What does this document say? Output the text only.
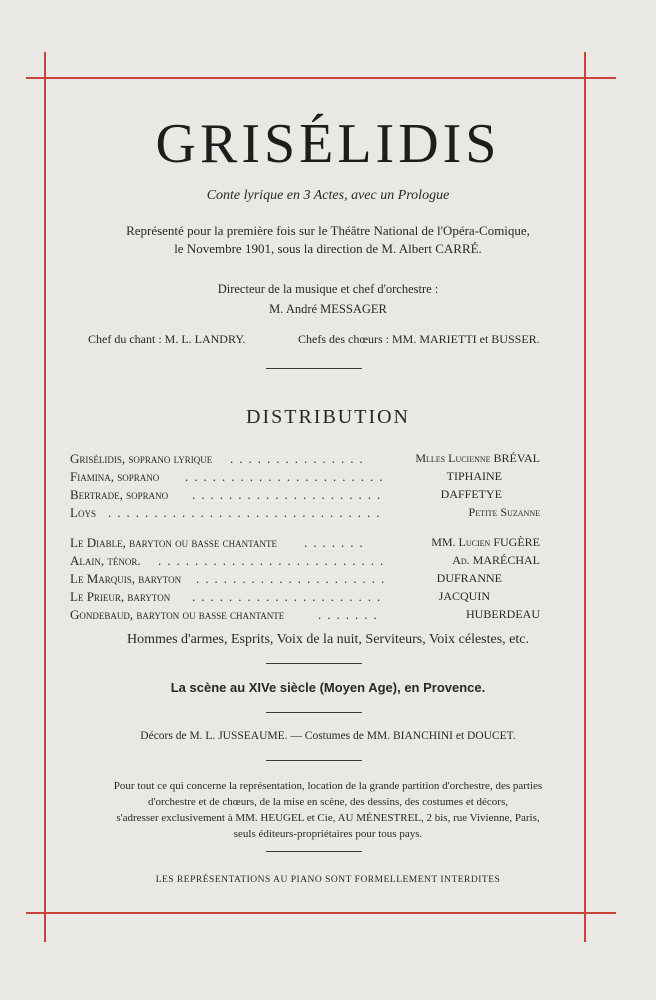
GRISÉLIDIS
Conte lyrique en 3 Actes, avec un Prologue
Représenté pour la première fois sur le Théâtre National de l'Opéra-Comique,
le Novembre 1901, sous la direction de M. Albert CARRÉ.
Directeur de la musique et chef d'orchestre :
M. André MESSAGER
Chef du chant : M. L. LANDRY.	Chefs des chœurs : MM. MARIETTI et BUSSER.
DISTRIBUTION
Grisélidis, soprano lyrique ...............	Mlles Lucienne BRÉVAL
Fiamina, soprano ......................	TIPHAINE
Bertrade, soprano .....................	DAFFETYE
Loys ..............................	Petite Suzanne
Le Diable, baryton ou basse chantante .......	MM. Lucien FUGÈRE
Alain, ténor. .........................	Ad. MARÉCHAL
Le Marquis, baryton .....................	DUFRANNE
Le Prieur, baryton .....................	JACQUIN
Gondebaud, baryton ou basse chantante	.......	HUBERDEAU
Hommes d'armes, Esprits, Voix de la nuit, Serviteurs, Voix célestes, etc.
La scène au XIVe siècle (Moyen Age), en Provence.
Décors de M. L. JUSSEAUME. — Costumes de MM. BIANCHINI et DOUCET.
Pour tout ce qui concerne la représentation, location de la grande partition d'orchestre, des parties
d'orchestre et de chœurs, de la mise en scène, des dessins, des costumes et décors,
s'adresser exclusivement à MM. HEUGEL et Cie, AU MÉNESTREL, 2 bis, rue Vivienne, Paris,
seuls éditeurs-propriétaires pour tous pays.
LES REPRÉSENTATIONS AU PIANO SONT FORMELLEMENT INTERDITES
